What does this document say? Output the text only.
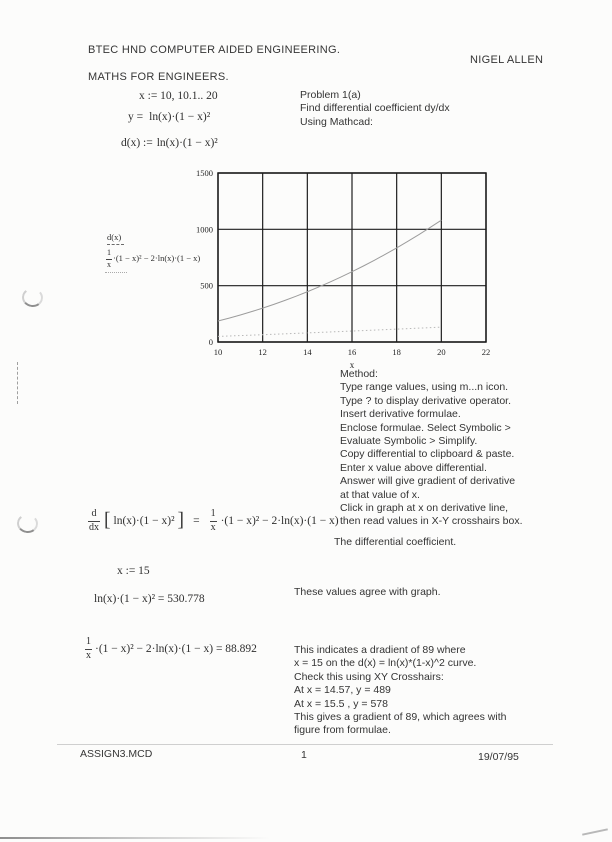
BTEC HND COMPUTER AIDED ENGINEERING.
NIGEL ALLEN
MATHS FOR ENGINEERS.
x := 10, 10.1.. 20
y = ln(x)·(1 − x)²
d(x) := ln(x)·(1 − x)²
Problem 1(a)
Find differential coefficient dy/dx
Using Mathcad:
10	12	14	16	18	20	22
0
500
1000
1500
x
d(x)
$\frac{1}{x} \cdot(1 - x)^2 - 2\cdot\ln(x)\cdot(1 - x)$
Method:
Type range values, using m...n icon.
Type ? to display derivative operator.
Insert derivative formulae.
Enclose formulae. Select Symbolic >
Evaluate Symbolic > Simplify.
Copy differential to clipboard & paste.
Enter x value above differential.
Answer will give gradient of derivative
at that value of x.
Click in graph at x on derivative line,
then read values in X-Y crosshairs box.
$\frac{d}{dx}$ [ ln(x)·(1 − x)² ] = $\frac{1}{x} \cdot(1 - x)^2 - 2\cdot\ln(x)\cdot(1 - x)$
The differential coefficient.
x := 15
ln(x)·(1 − x)² = 530.778
These values agree with graph.
$\frac{1}{x} \cdot(1 - x)^2 - 2\cdot\ln(x)\cdot(1 - x) = 88.892$	This indicates a dradient of 89 where
x = 15 on the d(x) = ln(x)*(1-x)^2 curve.
Check this using XY Crosshairs:
At x = 14.57, y = 489
At x = 15.5 , y = 578
This gives a gradient of 89, which agrees with
figure from formulae.
ASSIGN3.MCD	1	19/07/95
